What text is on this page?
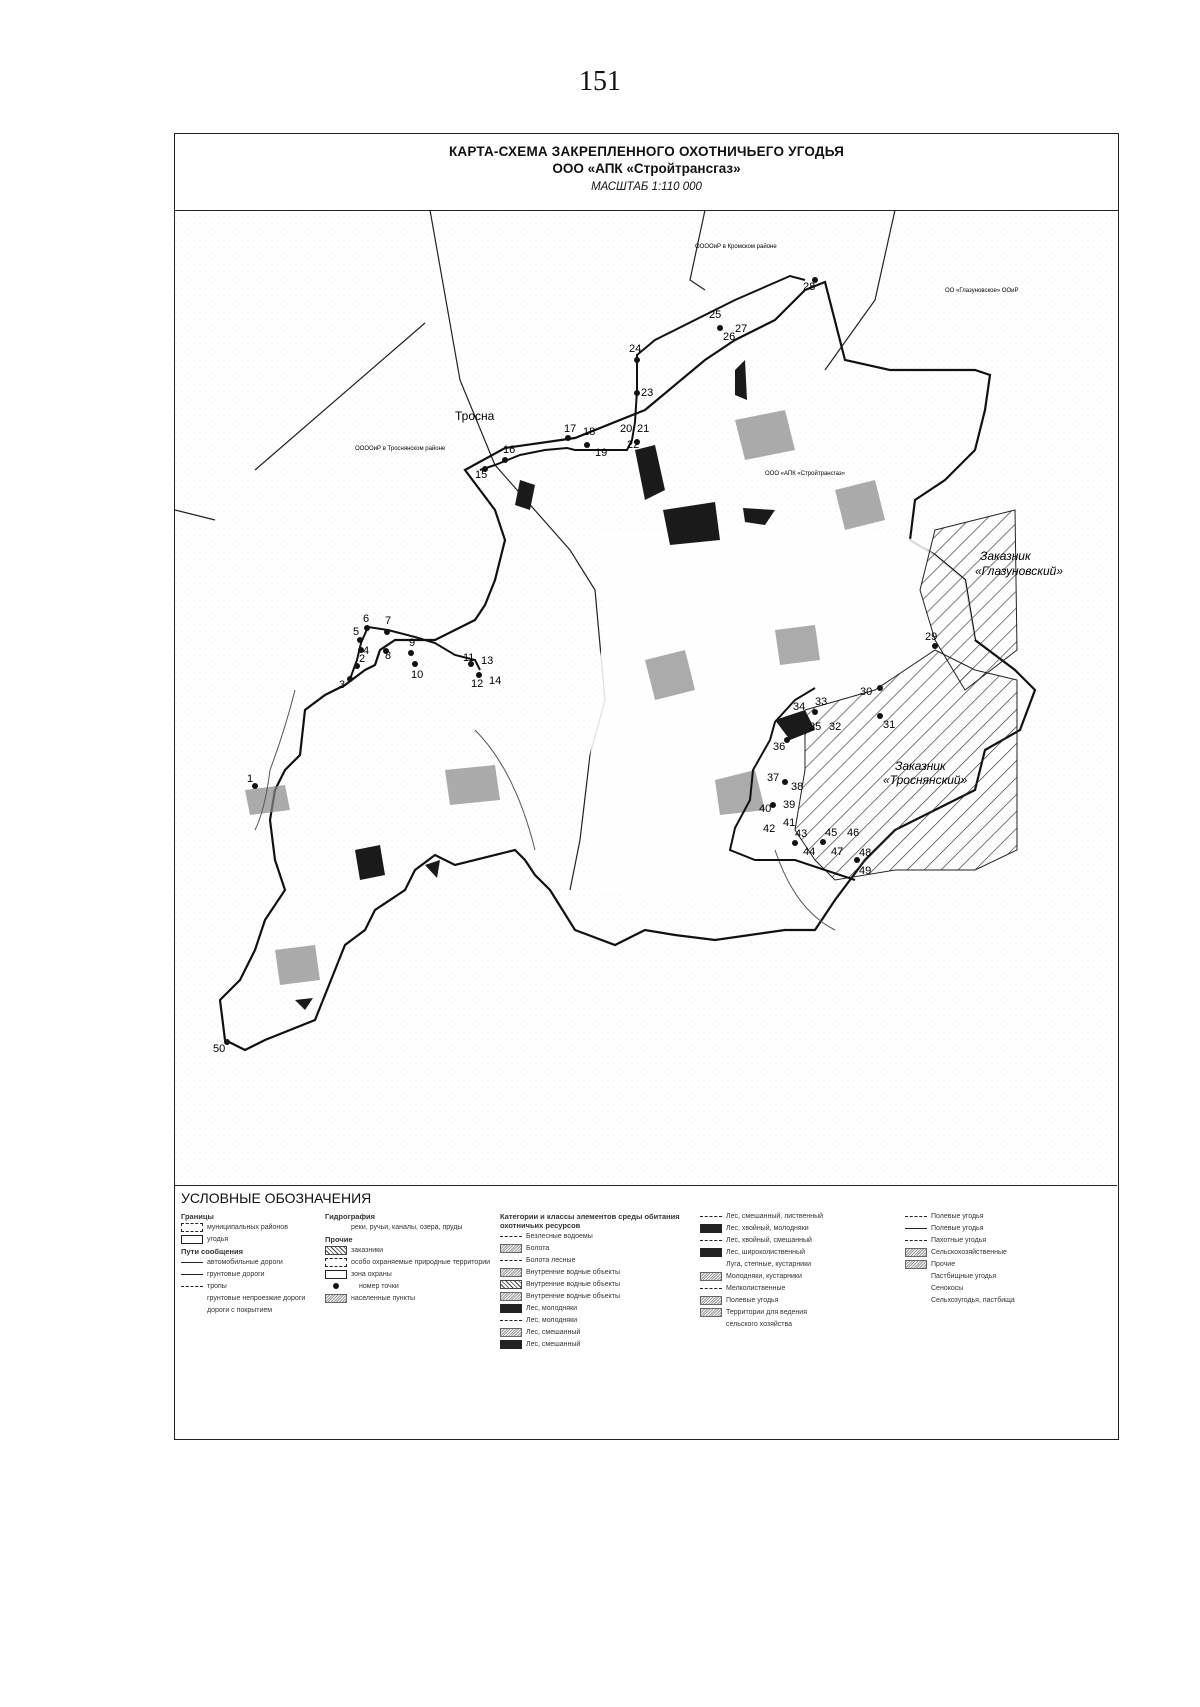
151
КАРТА-СХЕМА ЗАКРЕПЛЕННОГО ОХОТНИЧЬЕГО УГОДЬЯ
ООО «АПК «Стройтрансгаз»
МАСШТАБ 1:110 000
1
2
3
4
5
6 7
8
9
10
11
12
13
14
15
16
17 18
19
20 21
22
23
24
25
26
27
28
29
30
31
32
33
34
35
36
37
38
39
40
41
42 43
44
45 46
47 48
49
50
Тросна
Заказник
«Глазуновский»
Заказник
«Троснянский»
ООООиР в Кромском районе
ООООиР в Троснянском районе
ООО «АПК «Стройтрансгаз»
ОО «Глазуновское» ООиР
УСЛОВНЫЕ ОБОЗНАЧЕНИЯ
Границы
муниципальных районов
угодья
Пути сообщения
автомобильные дороги
грунтовые дороги
тропы
грунтовые непроезжие дороги
дороги с покрытием
Гидрография
реки, ручьи, каналы, озера, пруды
Прочие
заказники
особо охраняемые природные территории
зона охраны
номер точки
населенные пункты
Категории и классы элементов среды обитания охотничьих ресурсов
Безлесные водоемы
Болота
Болота лесные
Внутренние водные объекты
Внутренние водные объекты
Внутренние водные объекты
Лес, молодняки
Лес, молодняки
Лес, смешанный
Лес, смешанный
Лес, смешанный, лиственный
Лес, хвойный, молодняки
Лес, хвойный, смешанный
Лес, широколиственный
Луга, степные, кустарники
Молодняки, кустарники
Мелколиственные
Полевые угодья
Территории для ведения
сельского хозяйства
Полевые угодья
Полевые угодья
Пахотные угодья
Сельскохозяйственные
Прочие
Пастбищные угодья
Сенокосы
Сельхозугодья, пастбища
